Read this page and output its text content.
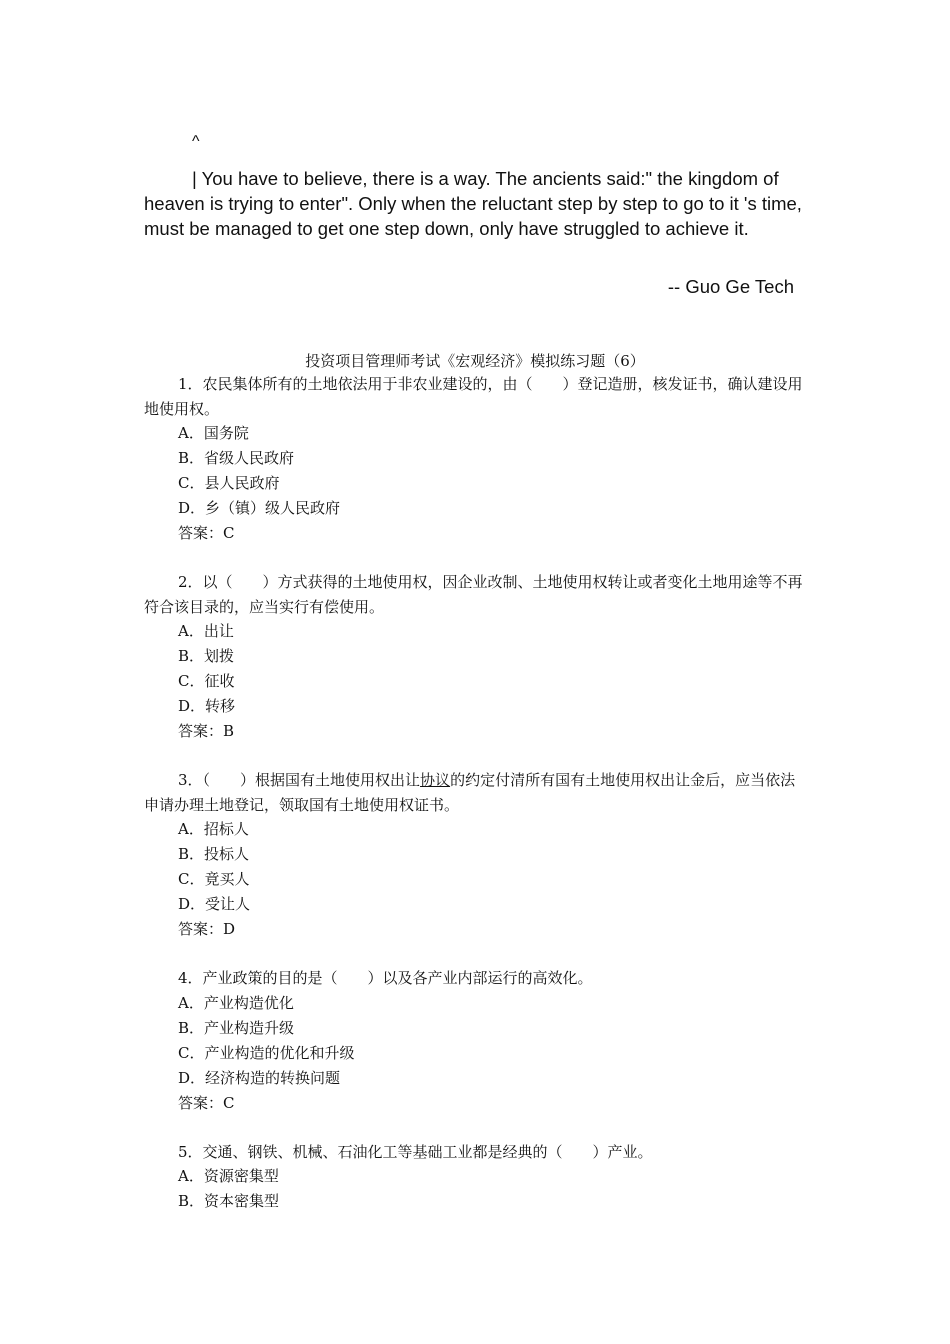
^

| You have to believe, there is a way. The ancients said:" the kingdom of heaven is trying to enter". Only when the reluctant step by step to go to it 's time, must be managed to get one step down, only have struggled to achieve it.

-- Guo Ge Tech
投资项目管理师考试《宏观经济》模拟练习题（6）

1．农民集体所有的土地依法用于非农业建设的，由（　　）登记造册，核发证书，确认建设用地使用权。

A．国务院
B．省级人民政府
C．县人民政府
D．乡（镇）级人民政府
答案：C

2．以（　　）方式获得的土地使用权，因企业改制、土地使用权转让或者变化土地用途等不再符合该目录的，应当实行有偿使用。

A．出让
B．划拨
C．征收
D．转移
答案：B

3．（　　）根据国有土地使用权出让协议的约定付清所有国有土地使用权出让金后，应当依法申请办理土地登记，领取国有土地使用权证书。

A．招标人
B．投标人
C．竟买人
D．受让人
答案：D

4．产业政策的目的是（　　）以及各产业内部运行的高效化。

A．产业构造优化
B．产业构造升级
C．产业构造的优化和升级
D．经济构造的转换问题
答案：C

5．交通、钢铁、机械、石油化工等基础工业都是经典的（　　）产业。

A．资源密集型
B．资本密集型
